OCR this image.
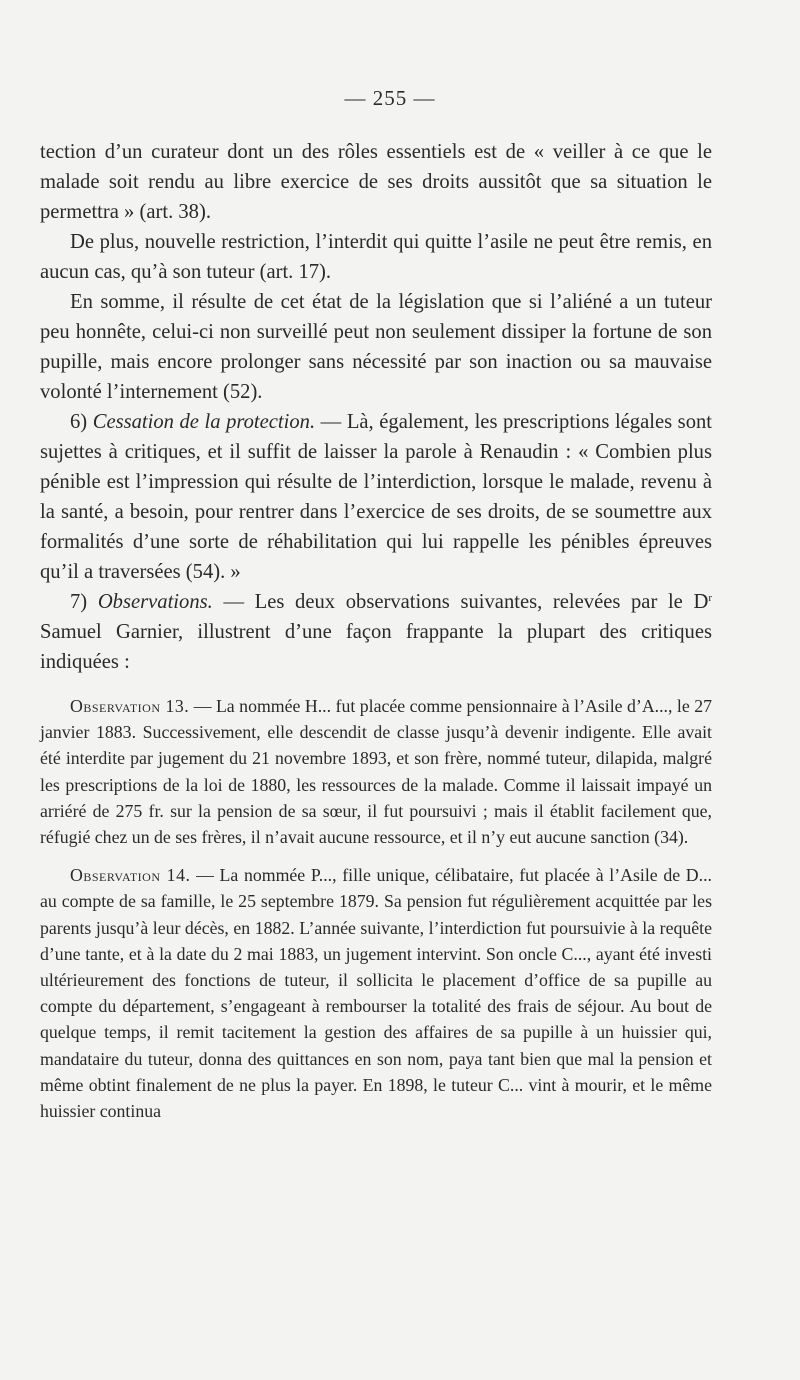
— 255 —

tection d’un curateur dont un des rôles essentiels est de « veiller à ce que le malade soit rendu au libre exercice de ses droits aussitôt que sa situation le permettra » (art. 38).

De plus, nouvelle restriction, l’interdit qui quitte l’asile ne peut être remis, en aucun cas, qu’à son tuteur (art. 17).

En somme, il résulte de cet état de la législation que si l’aliéné a un tuteur peu honnête, celui-ci non surveillé peut non seulement dissiper la fortune de son pupille, mais encore prolonger sans nécessité par son inaction ou sa mauvaise volonté l’internement (52).

6) Cessation de la protection. — Là, également, les prescriptions légales sont sujettes à critiques, et il suffit de laisser la parole à Renaudin : « Combien plus pénible est l’impression qui résulte de l’interdiction, lorsque le malade, revenu à la santé, a besoin, pour rentrer dans l’exercice de ses droits, de se soumettre aux formalités d’une sorte de réhabilitation qui lui rappelle les pénibles épreuves qu’il a traversées (54). »

7) Observations. — Les deux observations suivantes, relevées par le $D^r$ Samuel Garnier, illustrent d’une façon frappante la plupart des critiques indiquées :

Observation 13. — La nommée H... fut placée comme pensionnaire à l’Asile d’A..., le 27 janvier 1883. Successivement, elle descendit de classe jusqu’à devenir indigente. Elle avait été interdite par jugement du 21 novembre 1893, et son frère, nommé tuteur, dilapida, malgré les prescriptions de la loi de 1880, les ressources de la malade. Comme il laissait impayé un arriéré de 275 fr. sur la pension de sa sœur, il fut poursuivi ; mais il établit facilement que, réfugié chez un de ses frères, il n’avait aucune ressource, et il n’y eut aucune sanction (34).

Observation 14. — La nommée P..., fille unique, célibataire, fut placée à l’Asile de D... au compte de sa famille, le 25 septembre 1879. Sa pension fut régulièrement acquittée par les parents jusqu’à leur décès, en 1882. L’année suivante, l’interdiction fut poursuivie à la requête d’une tante, et à la date du 2 mai 1883, un jugement intervint. Son oncle C..., ayant été investi ultérieurement des fonctions de tuteur, il sollicita le placement d’office de sa pupille au compte du département, s’engageant à rembourser la totalité des frais de séjour. Au bout de quelque temps, il remit tacitement la gestion des affaires de sa pupille à un huissier qui, mandataire du tuteur, donna des quittances en son nom, paya tant bien que mal la pension et même obtint finalement de ne plus la payer. En 1898, le tuteur C... vint à mourir, et le même huissier continua
